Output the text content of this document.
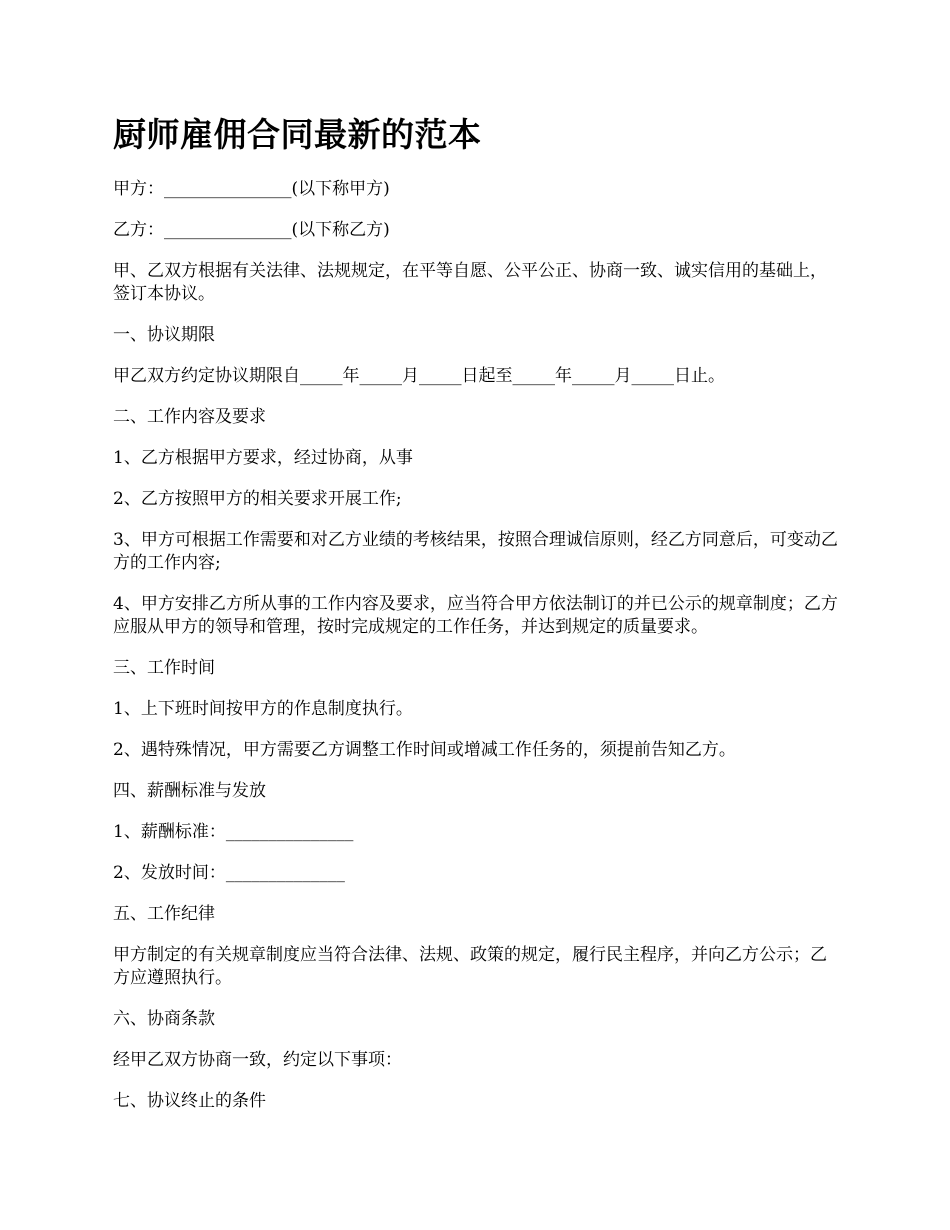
厨师雇佣合同最新的范本

甲方：_______________(以下称甲方)

乙方：_______________(以下称乙方)

甲、乙双方根据有关法律、法规规定，在平等自愿、公平公正、协商一致、诚实信用的基础上，签订本协议。

一、协议期限

甲乙双方约定协议期限自_____年_____月_____日起至_____年_____月_____日止。

二、工作内容及要求

1、乙方根据甲方要求，经过协商，从事

2、乙方按照甲方的相关要求开展工作;

3、甲方可根据工作需要和对乙方业绩的考核结果，按照合理诚信原则，经乙方同意后，可变动乙方的工作内容;

4、甲方安排乙方所从事的工作内容及要求，应当符合甲方依法制订的并已公示的规章制度；乙方应服从甲方的领导和管理，按时完成规定的工作任务，并达到规定的质量要求。

三、工作时间

1、上下班时间按甲方的作息制度执行。

2、遇特殊情况，甲方需要乙方调整工作时间或增减工作任务的，须提前告知乙方。

四、薪酬标准与发放

1、薪酬标准：_______________

2、发放时间：______________

五、工作纪律

甲方制定的有关规章制度应当符合法律、法规、政策的规定，履行民主程序，并向乙方公示；乙方应遵照执行。

六、协商条款

经甲乙双方协商一致，约定以下事项：

七、协议终止的条件
